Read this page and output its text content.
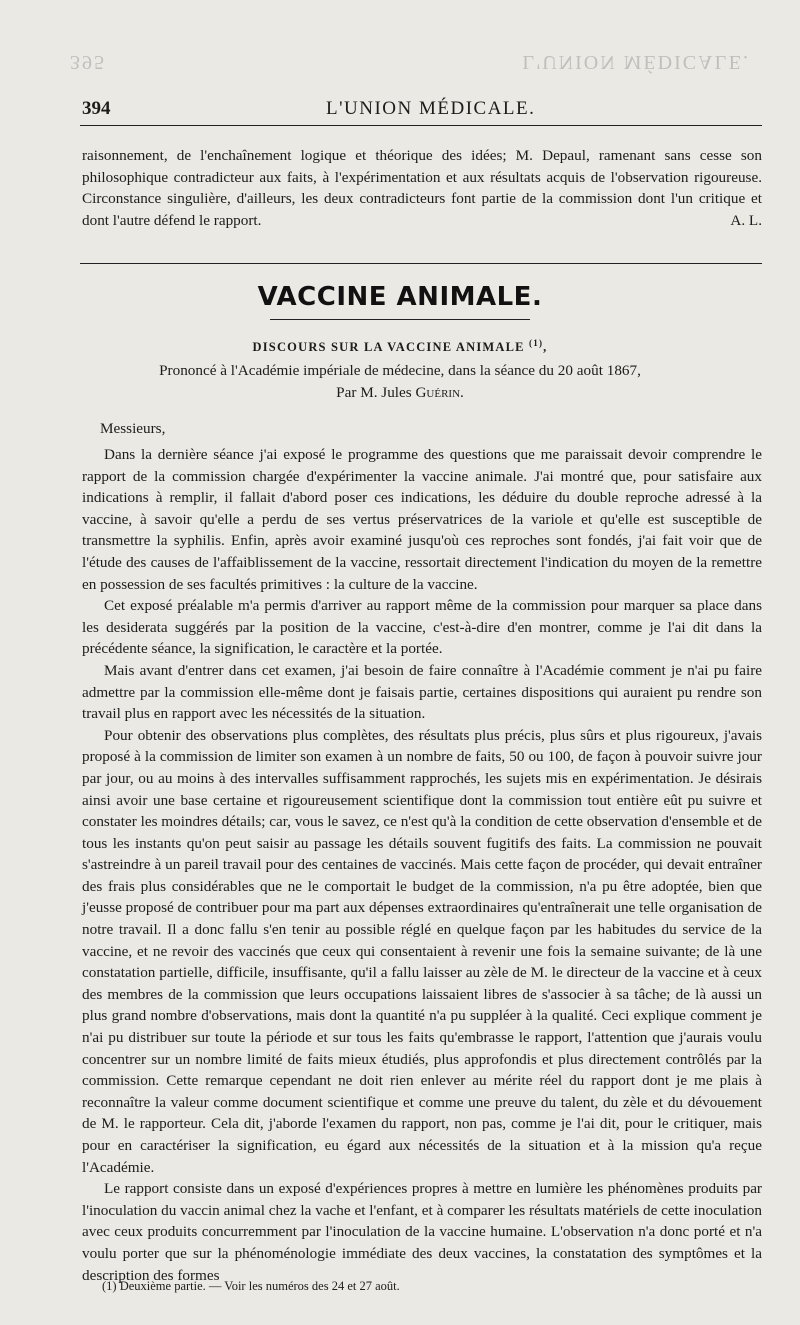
395	L'UNION MÉDICALE.
394	L'UNION MÉDICALE.

raisonnement, de l'enchaînement logique et théorique des idées; M. Depaul, ramenant sans cesse son philosophique contradicteur aux faits, à l'expérimentation et aux résultats acquis de l'observation rigoureuse. Circonstance singulière, d'ailleurs, les deux contradicteurs font partie de la commission dont l'un critique et dont l'autre défend le rapport.	A. L.
VACCINE ANIMALE.
DISCOURS SUR LA VACCINE ANIMALE $^{(1)}$,
Prononcé à l'Académie impériale de médecine, dans la séance du 20 août 1867,
Par M. Jules Guérin.
Messieurs,

Dans la dernière séance j'ai exposé le programme des questions que me paraissait devoir comprendre le rapport de la commission chargée d'expérimenter la vaccine animale. J'ai montré que, pour satisfaire aux indications à remplir, il fallait d'abord poser ces indications, les déduire du double reproche adressé à la vaccine, à savoir qu'elle a perdu de ses vertus préservatrices de la variole et qu'elle est susceptible de transmettre la syphilis. Enfin, après avoir examiné jusqu'où ces reproches sont fondés, j'ai fait voir que de l'étude des causes de l'affaiblissement de la vaccine, ressortait directement l'indication du moyen de la remettre en possession de ses facultés primitives : la culture de la vaccine.

Cet exposé préalable m'a permis d'arriver au rapport même de la commission pour marquer sa place dans les desiderata suggérés par la position de la vaccine, c'est-à-dire d'en montrer, comme je l'ai dit dans la précédente séance, la signification, le caractère et la portée.

Mais avant d'entrer dans cet examen, j'ai besoin de faire connaître à l'Académie comment je n'ai pu faire admettre par la commission elle-même dont je faisais partie, certaines dispositions qui auraient pu rendre son travail plus en rapport avec les nécessités de la situation.

Pour obtenir des observations plus complètes, des résultats plus précis, plus sûrs et plus rigoureux, j'avais proposé à la commission de limiter son examen à un nombre de faits, 50 ou 100, de façon à pouvoir suivre jour par jour, ou au moins à des intervalles suffisamment rapprochés, les sujets mis en expérimentation. Je désirais ainsi avoir une base certaine et rigoureusement scientifique dont la commission tout entière eût pu suivre et constater les moindres détails; car, vous le savez, ce n'est qu'à la condition de cette observation d'ensemble et de tous les instants qu'on peut saisir au passage les détails souvent fugitifs des faits. La commission ne pouvait s'astreindre à un pareil travail pour des centaines de vaccinés. Mais cette façon de procéder, qui devait entraîner des frais plus considérables que ne le comportait le budget de la commission, n'a pu être adoptée, bien que j'eusse proposé de contribuer pour ma part aux dépenses extraordinaires qu'entraînerait une telle organisation de notre travail. Il a donc fallu s'en tenir au possible réglé en quelque façon par les habitudes du service de la vaccine, et ne revoir des vaccinés que ceux qui consentaient à revenir une fois la semaine suivante; de là une constatation partielle, difficile, insuffisante, qu'il a fallu laisser au zèle de M. le directeur de la vaccine et à ceux des membres de la commission que leurs occupations laissaient libres de s'associer à sa tâche; de là aussi un plus grand nombre d'observations, mais dont la quantité n'a pu suppléer à la qualité. Ceci explique comment je n'ai pu distribuer sur toute la période et sur tous les faits qu'embrasse le rapport, l'attention que j'aurais voulu concentrer sur un nombre limité de faits mieux étudiés, plus approfondis et plus directement contrôlés par la commission. Cette remarque cependant ne doit rien enlever au mérite réel du rapport dont je me plais à reconnaître la valeur comme document scientifique et comme une preuve du talent, du zèle et du dévouement de M. le rapporteur. Cela dit, j'aborde l'examen du rapport, non pas, comme je l'ai dit, pour le critiquer, mais pour en caractériser la signification, eu égard aux nécessités de la situation et à la mission qu'a reçue l'Académie.

Le rapport consiste dans un exposé d'expériences propres à mettre en lumière les phénomènes produits par l'inoculation du vaccin animal chez la vache et l'enfant, et à comparer les résultats matériels de cette inoculation avec ceux produits concurremment par l'inoculation de la vaccine humaine. L'observation n'a donc porté et n'a voulu porter que sur la phénoménologie immédiate des deux vaccines, la constatation des symptômes et la description des formes

(1) Deuxième partie. — Voir les numéros des 24 et 27 août.
